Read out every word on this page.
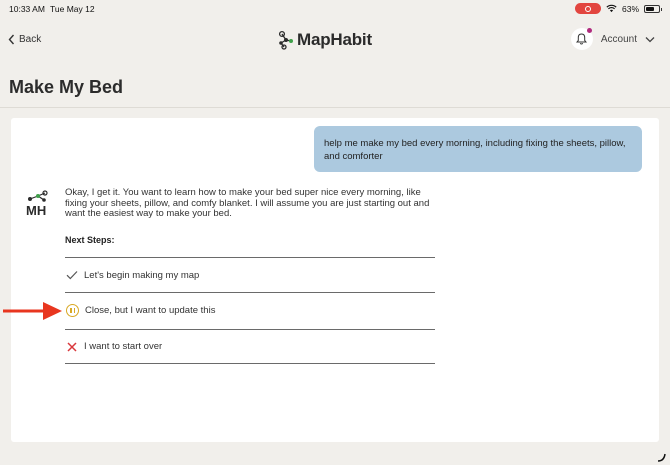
10:33 AM Tue May 12	63%
Back	MapHabit	Account
Make My Bed
help me make my bed every morning, including fixing the sheets, pillow, and comforter
MH
Okay, I get it. You want to learn how to make your bed super nice every morning, like fixing your sheets, pillow, and comfy blanket. I will assume you are just starting out and want the easiest way to make your bed.
Next Steps:
Let's begin making my map
Close, but I want to update this
I want to start over
